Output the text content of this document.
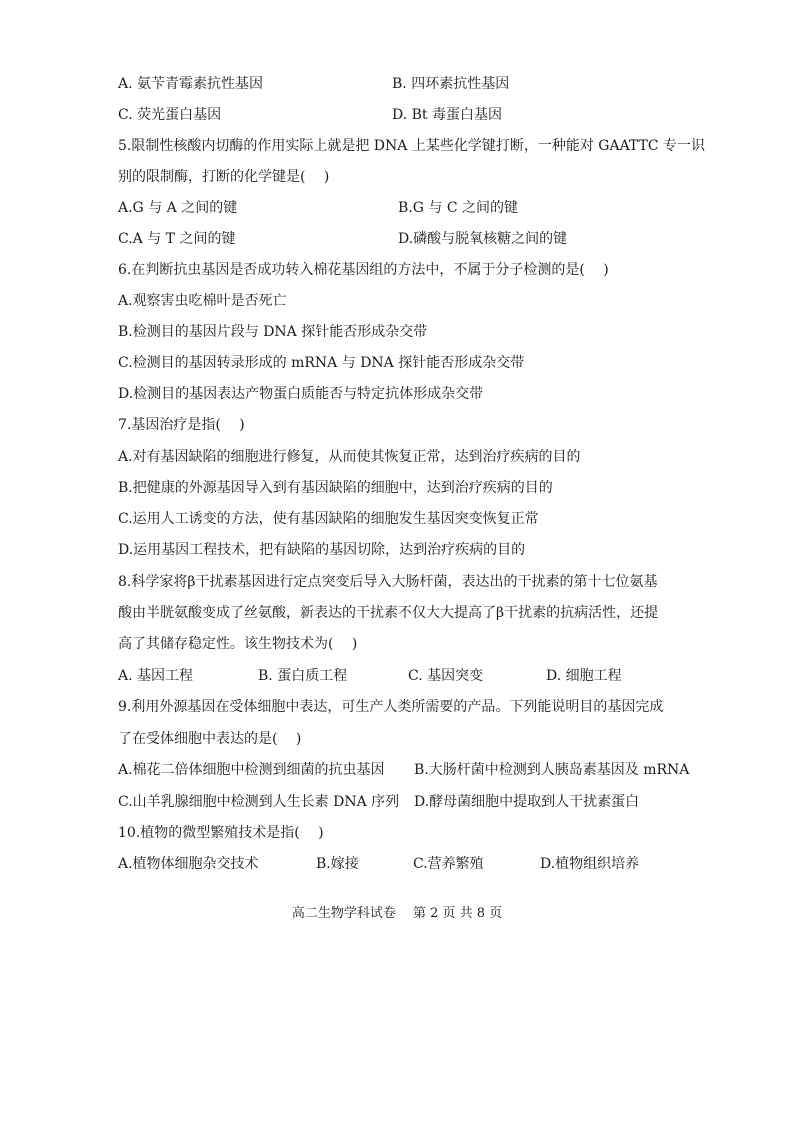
A. 氨苄青霉素抗性基因	B. 四环素抗性基因
C. 荧光蛋白基因	D. Bt 毒蛋白基因
5.限制性核酸内切酶的作用实际上就是把 DNA 上某些化学键打断，一种能对 GAATTC 专一识
别的限制酶，打断的化学键是(　 )
A.G 与 A 之间的键	B.G 与 C 之间的键
C.A 与 T 之间的键	D.磷酸与脱氧核糖之间的键
6.在判断抗虫基因是否成功转入棉花基因组的方法中，不属于分子检测的是(　 )
A.观察害虫吃棉叶是否死亡
B.检测目的基因片段与 DNA 探针能否形成杂交带
C.检测目的基因转录形成的 mRNA 与 DNA 探针能否形成杂交带
D.检测目的基因表达产物蛋白质能否与特定抗体形成杂交带
7.基因治疗是指(　 )
A.对有基因缺陷的细胞进行修复，从而使其恢复正常，达到治疗疾病的目的
B.把健康的外源基因导入到有基因缺陷的细胞中，达到治疗疾病的目的
C.运用人工诱变的方法，使有基因缺陷的细胞发生基因突变恢复正常
D.运用基因工程技术，把有缺陷的基因切除，达到治疗疾病的目的
8.科学家将β干扰素基因进行定点突变后导入大肠杆菌，表达出的干扰素的第十七位氨基
酸由半胱氨酸变成了丝氨酸，新表达的干扰素不仅大大提高了β干扰素的抗病活性，还提
高了其储存稳定性。该生物技术为(　 )
A. 基因工程	B. 蛋白质工程	C. 基因突变	D. 细胞工程
9.利用外源基因在受体细胞中表达，可生产人类所需要的产品。下列能说明目的基因完成
了在受体细胞中表达的是(　 )
A.棉花二倍体细胞中检测到细菌的抗虫基因 B.大肠杆菌中检测到人胰岛素基因及 mRNA
C.山羊乳腺细胞中检测到人生长素 DNA 序列 D.酵母菌细胞中提取到人干扰素蛋白
10.植物的微型繁殖技术是指(　 )
A.植物体细胞杂交技术	B.嫁接	C.营养繁殖	D.植物组织培养
高二生物学科试卷　 第 2 页 共 8 页
